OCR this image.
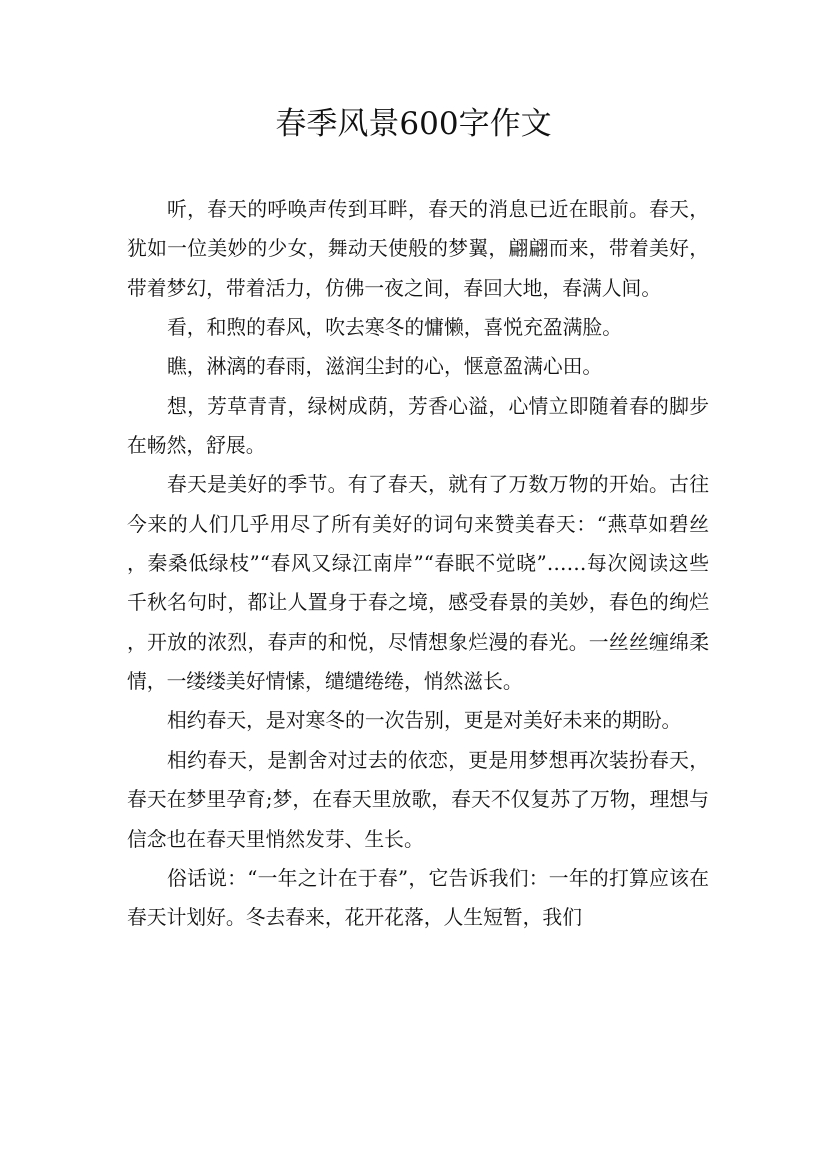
春季风景600字作文

听，春天的呼唤声传到耳畔，春天的消息已近在眼前。春天，犹如一位美妙的少女，舞动天使般的梦翼，翩翩而来，带着美好，带着梦幻，带着活力，仿佛一夜之间，春回大地，春满人间。

看，和煦的春风，吹去寒冬的慵懒，喜悦充盈满脸。

瞧，淋漓的春雨，滋润尘封的心，惬意盈满心田。

想，芳草青青，绿树成荫，芳香心溢，心情立即随着春的脚步在畅然，舒展。

春天是美好的季节。有了春天，就有了万数万物的开始。古往今来的人们几乎用尽了所有美好的词句来赞美春天：“燕草如碧丝，秦桑低绿枝”“春风又绿江南岸”“春眠不觉晓”……每次阅读这些千秋名句时，都让人置身于春之境，感受春景的美妙，春色的绚烂，开放的浓烈，春声的和悦，尽情想象烂漫的春光。一丝丝缠绵柔情，一缕缕美好情愫，缱缱绻绻，悄然滋长。

相约春天，是对寒冬的一次告别，更是对美好未来的期盼。

相约春天，是割舍对过去的依恋，更是用梦想再次装扮春天，春天在梦里孕育;梦，在春天里放歌，春天不仅复苏了万物，理想与信念也在春天里悄然发芽、生长。

俗话说：“一年之计在于春”，它告诉我们：一年的打算应该在春天计划好。冬去春来，花开花落，人生短暂，我们
